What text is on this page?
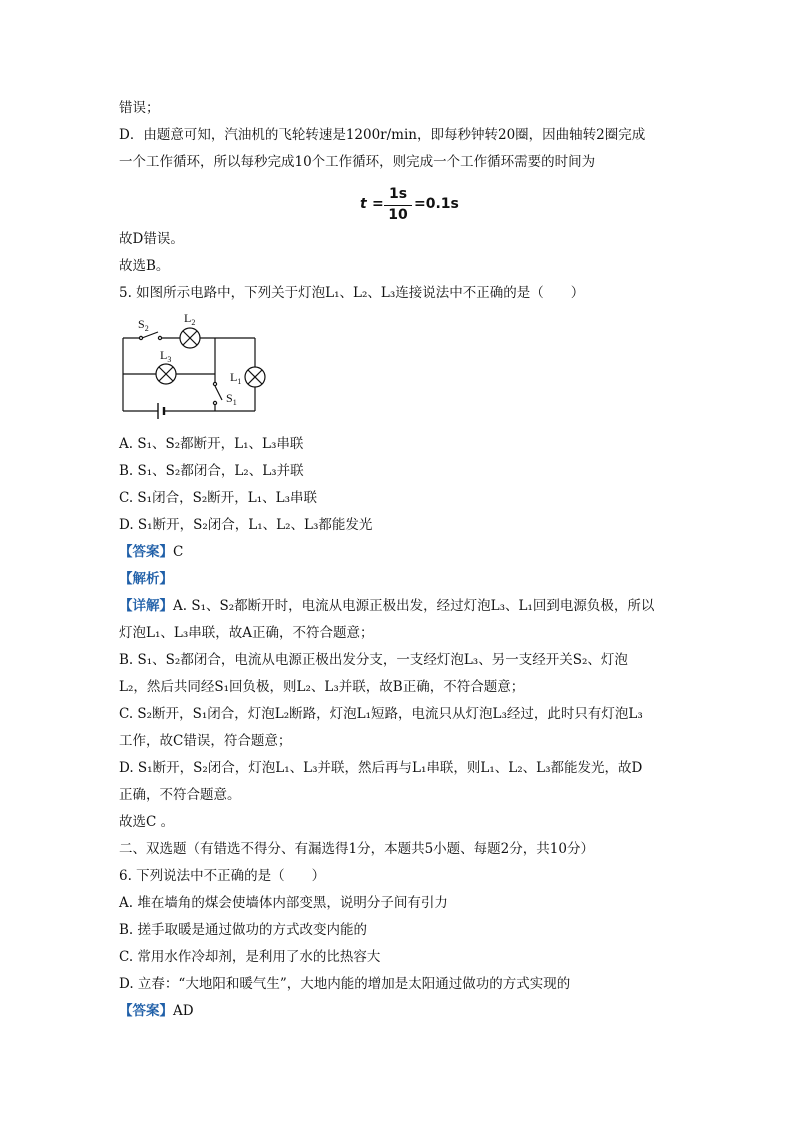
错误；
D．由题意可知，汽油机的飞轮转速是1200r/min，即每秒钟转20圈，因曲轴转2圈完成
一个工作循环，所以每秒完成10个工作循环，则完成一个工作循环需要的时间为
t =
1s
10
=0.1s
故D错误。
故选B。
5. 如图所示电路中，下列关于灯泡L₁、L₂、L₃连接说法中不正确的是（　　）
$S_2$
$L_2$
$L_3$
$L_1$
$S_1$
A. S₁、S₂都断开，L₁、L₃串联
B. S₁、S₂都闭合，L₂、L₃并联
C. S₁闭合，S₂断开，L₁、L₃串联
D. S₁断开，S₂闭合，L₁、L₂、L₃都能发光
【答案】C
【解析】
【详解】A. S₁、S₂都断开时，电流从电源正极出发，经过灯泡L₃、L₁回到电源负极，所以
灯泡L₁、L₃串联，故A正确，不符合题意；
B. S₁、S₂都闭合，电流从电源正极出发分支，一支经灯泡L₃、另一支经开关S₂、灯泡
L₂，然后共同经S₁回负极，则L₂、L₃并联，故B正确，不符合题意；
C. S₂断开，S₁闭合，灯泡L₂断路，灯泡L₁短路，电流只从灯泡L₃经过，此时只有灯泡L₃
工作，故C错误，符合题意；
D. S₁断开，S₂闭合，灯泡L₁、L₃并联，然后再与L₁串联，则L₁、L₂、L₃都能发光，故D
正确，不符合题意。
故选C 。
二、双选题（有错选不得分、有漏选得1分，本题共5小题、每题2分，共10分）
6. 下列说法中不正确的是（　　）
A. 堆在墙角的煤会使墙体内部变黑，说明分子间有引力
B. 搓手取暖是通过做功的方式改变内能的
C. 常用水作冷却剂，是利用了水的比热容大
D. 立春：“大地阳和暖气生”，大地内能的增加是太阳通过做功的方式实现的
【答案】AD
